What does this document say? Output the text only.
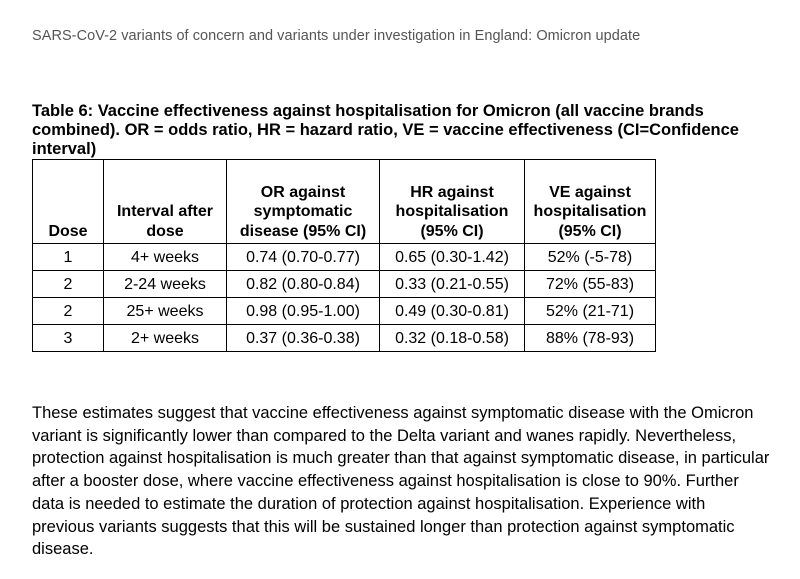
SARS-CoV-2 variants of concern and variants under investigation in England: Omicron update
Table 6: Vaccine effectiveness against hospitalisation for Omicron (all vaccine brands combined). OR = odds ratio, HR = hazard ratio, VE = vaccine effectiveness (CI=Confidence interval)
Dose	Interval after dose	OR against symptomatic disease (95% CI)	HR against hospitalisation (95% CI)	VE against hospitalisation (95% CI)
1	4+ weeks	0.74 (0.70-0.77)	0.65 (0.30-1.42)	52% (-5-78)
2	2-24 weeks	0.82 (0.80-0.84)	0.33 (0.21-0.55)	72% (55-83)
2	25+ weeks	0.98 (0.95-1.00)	0.49 (0.30-0.81)	52% (21-71)
3	2+ weeks	0.37 (0.36-0.38)	0.32 (0.18-0.58)	88% (78-93)
These estimates suggest that vaccine effectiveness against symptomatic disease with the Omicron variant is significantly lower than compared to the Delta variant and wanes rapidly. Nevertheless, protection against hospitalisation is much greater than that against symptomatic disease, in particular after a booster dose, where vaccine effectiveness against hospitalisation is close to 90%. Further data is needed to estimate the duration of protection against hospitalisation. Experience with previous variants suggests that this will be sustained longer than protection against symptomatic disease.
